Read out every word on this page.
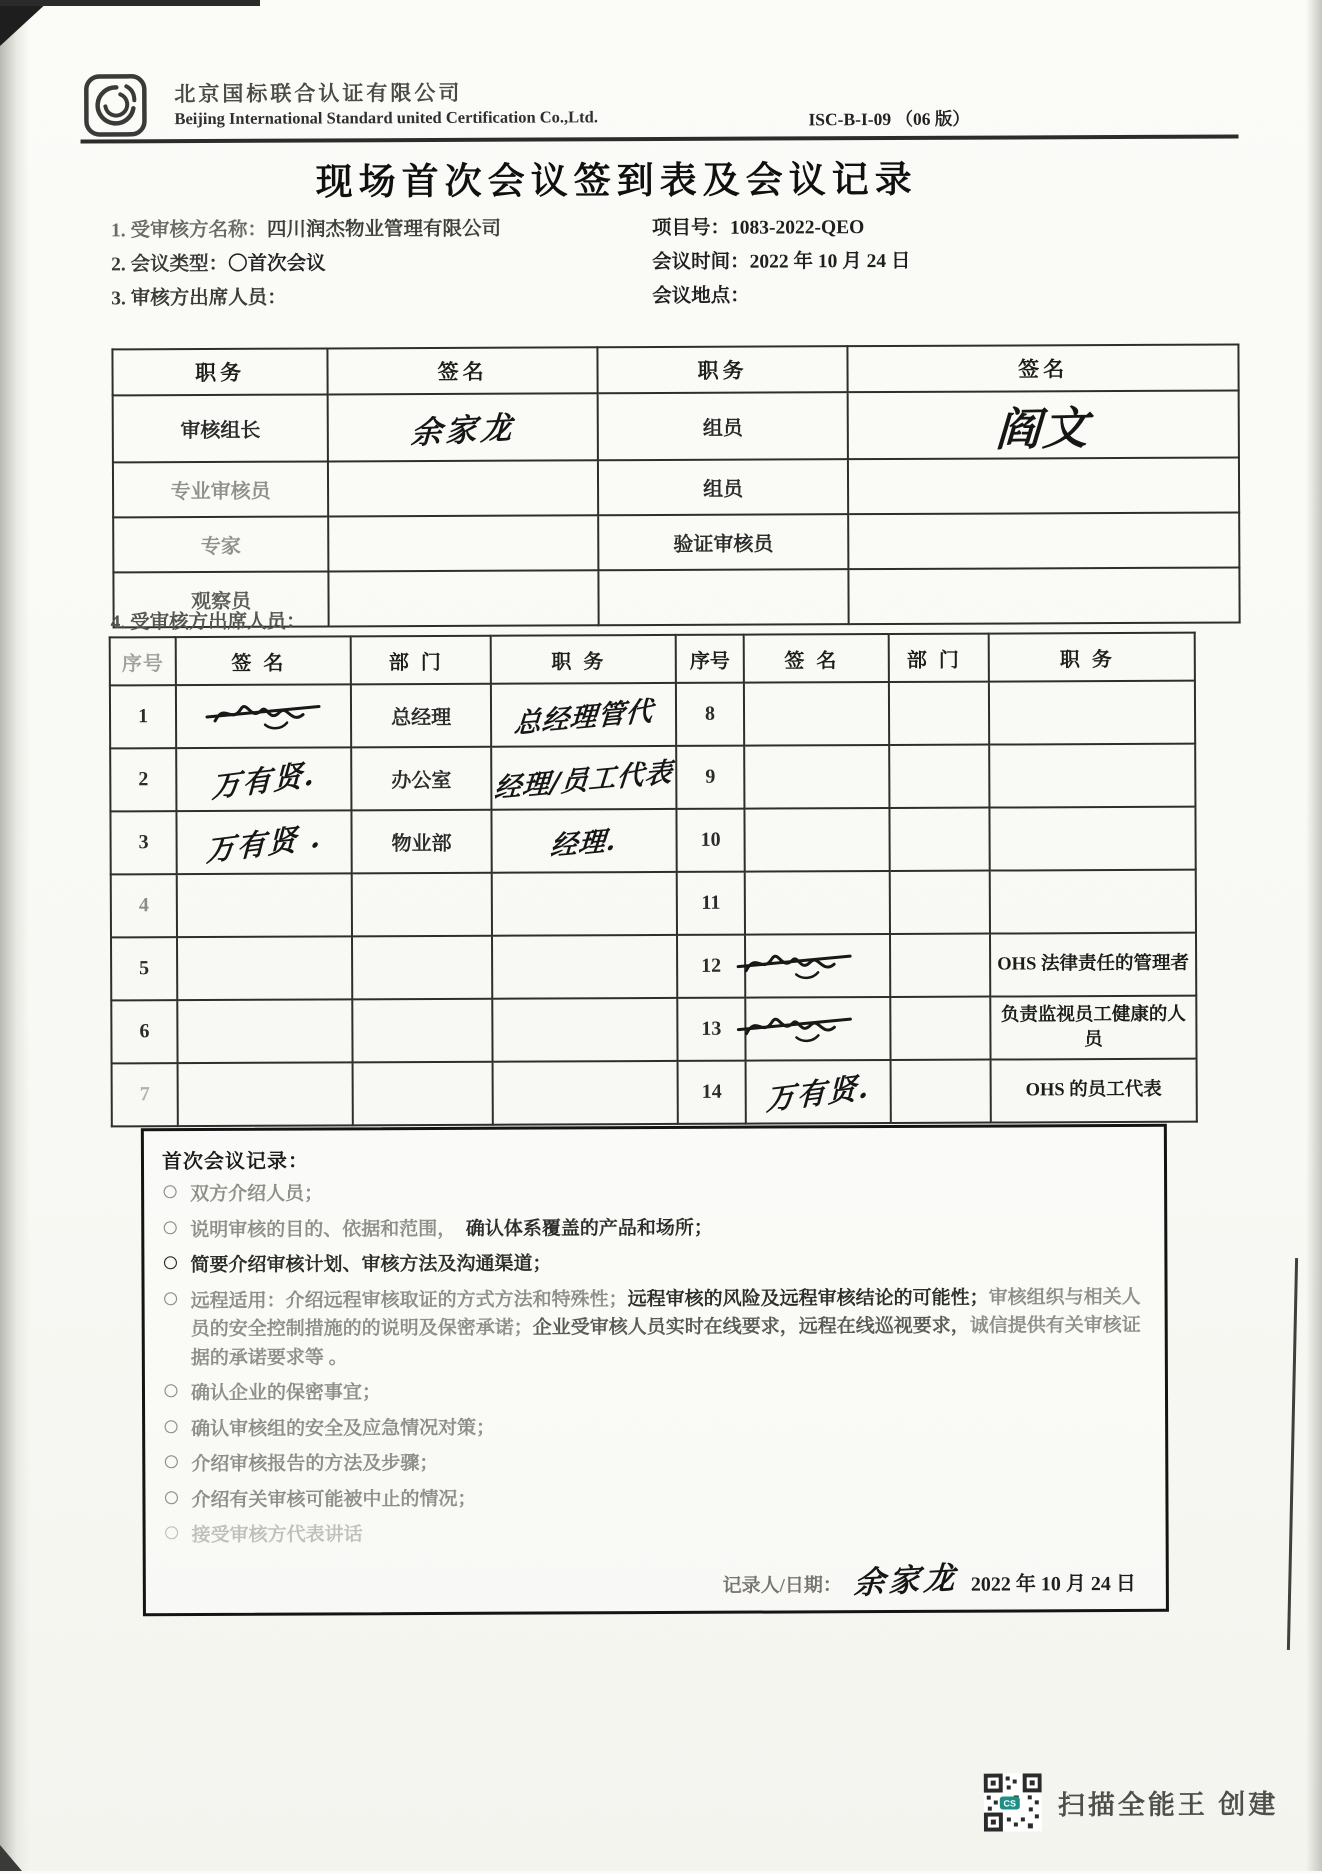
北京国标联合认证有限公司
Beijing International Standard united Certification Co.,Ltd.	ISC-B-I-09 （06 版）
现场首次会议签到表及会议记录
1. 受审核方名称：四川润杰物业管理有限公司	项目号：1083-2022-QEO
2. 会议类型：〇首次会议	会议时间：2022 年 10 月 24 日
3. 审核方出席人员：	会议地点：
职务	签名	职务	签名
审核组长	余家龙	组员	阎文
专业审核员		组员	
专家		验证审核员	
观察员			
4. 受审核方出席人员：
序号	签名	部门	职务	序号	签名	部门	职务
1		总经理	总经理管代	8			
2	万有贤.	办公室	经理/员工代表	9			
3	万有贤 .	物业部	经理.	10			
4				11			
5				12			OHS 法律责任的管理者
6				13			负责监视员工健康的人员
7				14	万有贤.		OHS 的员工代表
首次会议记录：
〇 双方介绍人员；
〇 说明审核的目的、依据和范围，　确认体系覆盖的产品和场所；
〇 简要介绍审核计划、审核方法及沟通渠道；
〇 远程适用：介绍远程审核取证的方式方法和特殊性；远程审核的风险及远程审核结论的可能性；审核组织与相关人员的安全控制措施的的说明及保密承诺；企业受审核人员实时在线要求，远程在线巡视要求，诚信提供有关审核证据的承诺要求等 。
〇 确认企业的保密事宜；
〇 确认审核组的安全及应急情况对策；
〇 介绍审核报告的方法及步骤；
〇 介绍有关审核可能被中止的情况；
〇 接受审核方代表讲话
记录人/日期： 余家龙 2022 年 10 月 24 日
CS 扫描全能王 创建
